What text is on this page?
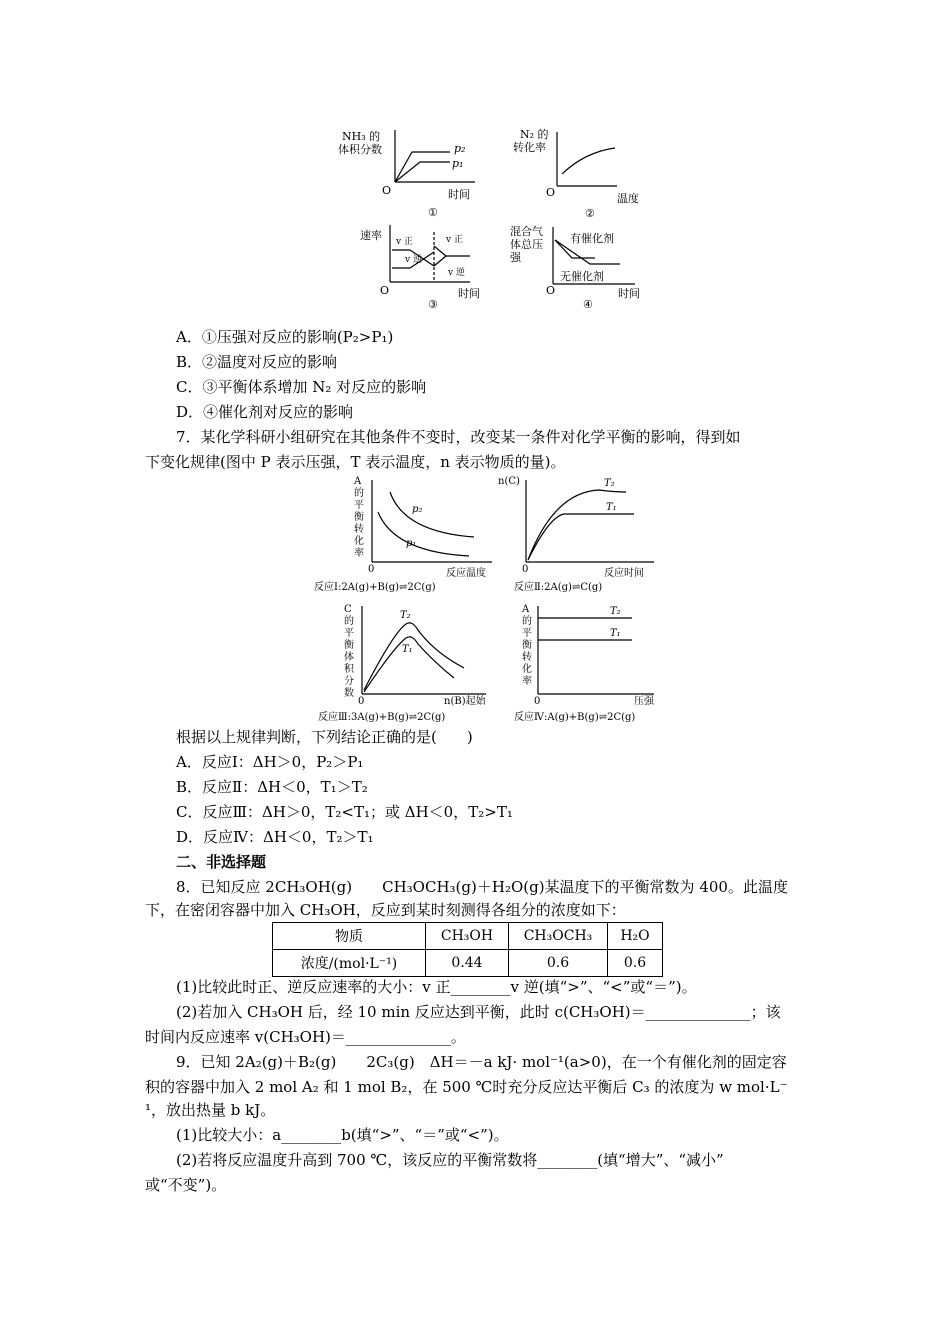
NH₃ 的
体积分数
O	时间
p₂
p₁
①
N₂ 的
转化率
O	温度
②
速率 v 正
v 逆
v 正
v 逆
O	时间
③
混合气
体总压
强
有催化剂
无催化剂
O	时间
④
A．①压强对反应的影响(P₂>P₁)
B．②温度对反应的影响
C．③平衡体系增加 N₂ 对反应的影响
D．④催化剂对反应的影响
7．某化学科研小组研究在其他条件不变时，改变某一条件对化学平衡的影响，得到如
下变化规律(图中 P 表示压强，T 表示温度，n 表示物质的量)。
A
的
平
衡
转
化
率
p₂
p₁
0	反应温度
反应Ⅰ:2A(g)+B(g)⇌2C(g)
n(C)	T₂
T₁
0	反应时间
反应Ⅱ:2A(g)⇌C(g)
C
的
平
衡
体
积
分
数
T₂
T₁
0	n(B)起始
反应Ⅲ:3A(g)+B(g)⇌2C(g)
A
的
平
衡
转
化
率
T₂
T₁
0	压强
反应Ⅳ:A(g)+B(g)⇌2C(g)
根据以上规律判断，下列结论正确的是(　　)
A．反应Ⅰ：ΔH＞0，P₂＞P₁
B．反应Ⅱ：ΔH＜0，T₁＞T₂
C．反应Ⅲ：ΔH＞0，T₂<T₁；或 ΔH＜0，T₂>T₁
D．反应Ⅳ：ΔH＜0，T₂＞T₁
二、非选择题
8．已知反应 2CH₃OH(g)　　CH₃OCH₃(g)＋H₂O(g)某温度下的平衡常数为 400。此温度
下，在密闭容器中加入 CH₃OH，反应到某时刻测得各组分的浓度如下：
物质	CH₃OH	CH₃OCH₃	H₂O
浓度/(mol·L⁻¹)	0.44	0.6	0.6
(1)比较此时正、逆反应速率的大小：v 正________v 逆(填“>”、“<”或“＝”)。
(2)若加入 CH₃OH 后，经 10 min 反应达到平衡，此时 c(CH₃OH)＝______________；该
时间内反应速率 v(CH₃OH)＝______________。
9．已知 2A₂(g)＋B₂(g)　　2C₃(g)　ΔH＝－a kJ· mol⁻¹(a>0)，在一个有催化剂的固定容
积的容器中加入 2 mol A₂ 和 1 mol B₂，在 500 ℃时充分反应达平衡后 C₃ 的浓度为 w mol·L⁻
¹，放出热量 b kJ。
(1)比较大小：a________b(填“>”、“＝”或“<”)。
(2)若将反应温度升高到 700 ℃，该反应的平衡常数将________(填“增大”、“减小”
或“不变”)。
